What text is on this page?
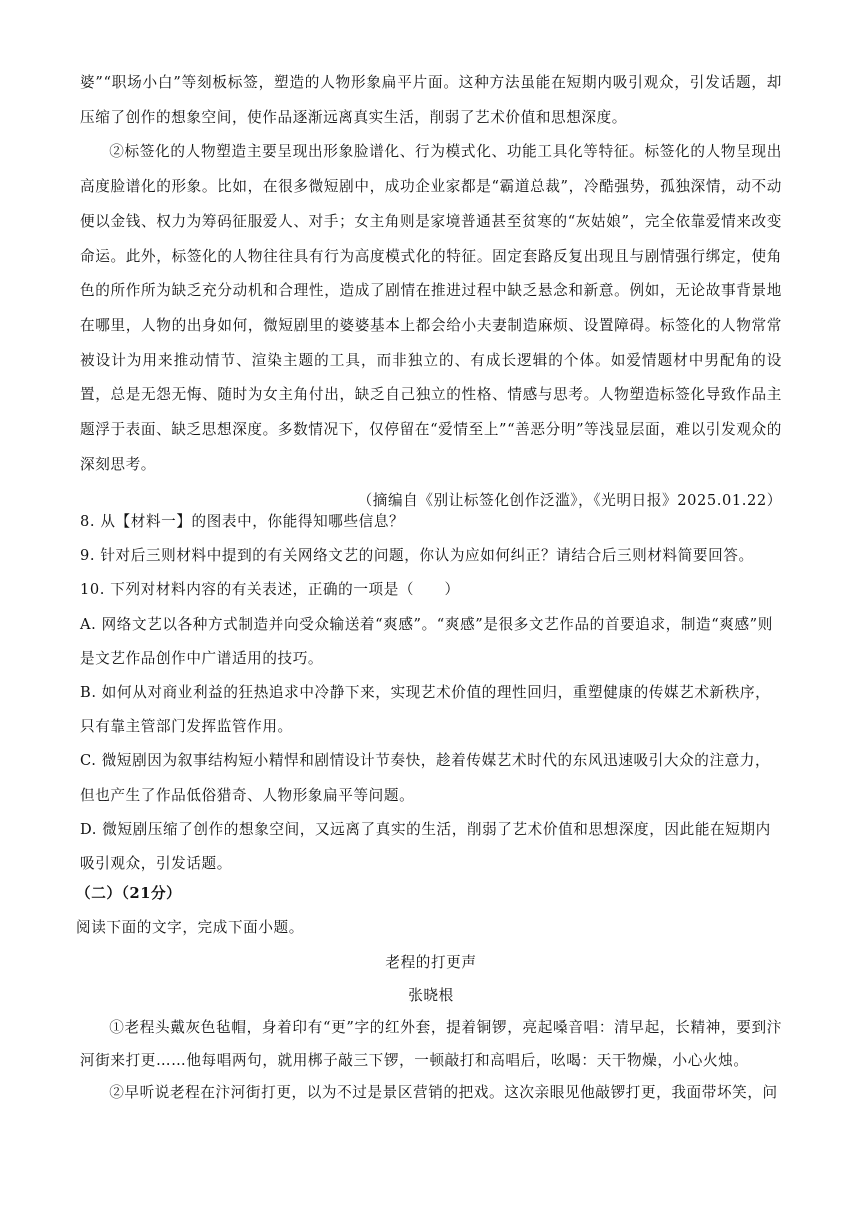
婆”“职场小白”等刻板标签，塑造的人物形象扁平片面。这种方法虽能在短期内吸引观众，引发话题，却压缩了创作的想象空间，使作品逐渐远离真实生活，削弱了艺术价值和思想深度。

②标签化的人物塑造主要呈现出形象脸谱化、行为模式化、功能工具化等特征。标签化的人物呈现出高度脸谱化的形象。比如，在很多微短剧中，成功企业家都是“霸道总裁”，冷酷强势，孤独深情，动不动便以金钱、权力为筹码征服爱人、对手；女主角则是家境普通甚至贫寒的“灰姑娘”，完全依靠爱情来改变命运。此外，标签化的人物往往具有行为高度模式化的特征。固定套路反复出现且与剧情强行绑定，使角色的所作所为缺乏充分动机和合理性，造成了剧情在推进过程中缺乏悬念和新意。例如，无论故事背景地在哪里，人物的出身如何，微短剧里的婆婆基本上都会给小夫妻制造麻烦、设置障碍。标签化的人物常常被设计为用来推动情节、渲染主题的工具，而非独立的、有成长逻辑的个体。如爱情题材中男配角的设置，总是无怨无悔、随时为女主角付出，缺乏自己独立的性格、情感与思考。人物塑造标签化导致作品主题浮于表面、缺乏思想深度。多数情况下，仅停留在“爱情至上”“善恶分明”等浅显层面，难以引发观众的深刻思考。

（摘编自《别让标签化创作泛滥》，《光明日报》2025.01.22）

8. 从【材料一】的图表中，你能得知哪些信息？

9. 针对后三则材料中提到的有关网络文艺的问题，你认为应如何纠正？请结合后三则材料简要回答。

10. 下列对材料内容的有关表述，正确的一项是（　　）

A. 网络文艺以各种方式制造并向受众输送着“爽感”。“爽感”是很多文艺作品的首要追求，制造“爽感”则是文艺作品创作中广谱适用的技巧。

B. 如何从对商业利益的狂热追求中冷静下来，实现艺术价值的理性回归，重塑健康的传媒艺术新秩序，只有靠主管部门发挥监管作用。

C. 微短剧因为叙事结构短小精悍和剧情设计节奏快，趁着传媒艺术时代的东风迅速吸引大众的注意力，但也产生了作品低俗猎奇、人物形象扁平等问题。

D. 微短剧压缩了创作的想象空间，又远离了真实的生活，削弱了艺术价值和思想深度，因此能在短期内吸引观众，引发话题。

（二）（21分）

阅读下面的文字，完成下面小题。

老程的打更声

张晓根

①老程头戴灰色毡帽，身着印有“更”字的红外套，提着铜锣，亮起嗓音唱：清早起，长精神，要到汴河街来打更……他每唱两句，就用梆子敲三下锣，一顿敲打和高唱后，吆喝：天干物燥，小心火烛。

②早听说老程在汴河街打更，以为不过是景区营销的把戏。这次亲眼见他敲锣打更，我面带坏笑，问
